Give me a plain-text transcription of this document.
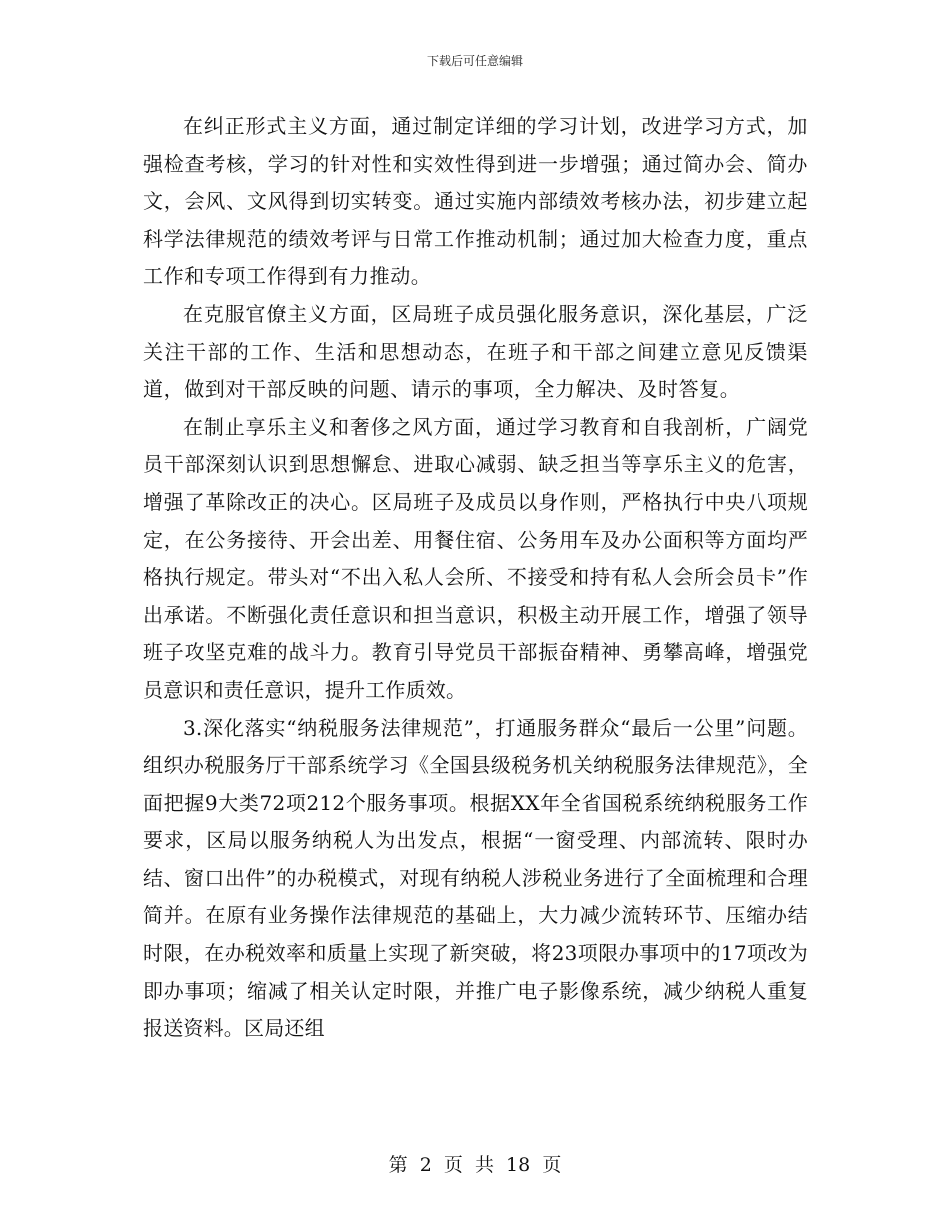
下载后可任意编辑

在纠正形式主义方面，通过制定详细的学习计划，改进学习方式，加强检查考核，学习的针对性和实效性得到进一步增强；通过简办会、简办文，会风、文风得到切实转变。通过实施内部绩效考核办法，初步建立起科学法律规范的绩效考评与日常工作推动机制；通过加大检查力度，重点工作和专项工作得到有力推动。

在克服官僚主义方面，区局班子成员强化服务意识，深化基层，广泛关注干部的工作、生活和思想动态，在班子和干部之间建立意见反馈渠道，做到对干部反映的问题、请示的事项，全力解决、及时答复。

在制止享乐主义和奢侈之风方面，通过学习教育和自我剖析，广阔党员干部深刻认识到思想懈怠、进取心减弱、缺乏担当等享乐主义的危害，增强了革除改正的决心。区局班子及成员以身作则，严格执行中央八项规定，在公务接待、开会出差、用餐住宿、公务用车及办公面积等方面均严格执行规定。带头对“不出入私人会所、不接受和持有私人会所会员卡”作出承诺。不断强化责任意识和担当意识，积极主动开展工作，增强了领导班子攻坚克难的战斗力。教育引导党员干部振奋精神、勇攀高峰，增强党员意识和责任意识，提升工作质效。

3.深化落实“纳税服务法律规范”，打通服务群众“最后一公里”问题。组织办税服务厅干部系统学习《全国县级税务机关纳税服务法律规范》，全面把握9大类72项212个服务事项。根据XX年全省国税系统纳税服务工作要求，区局以服务纳税人为出发点，根据“一窗受理、内部流转、限时办结、窗口出件”的办税模式，对现有纳税人涉税业务进行了全面梳理和合理简并。在原有业务操作法律规范的基础上，大力减少流转环节、压缩办结时限，在办税效率和质量上实现了新突破，将23项限办事项中的17项改为即办事项；缩减了相关认定时限，并推广电子影像系统，减少纳税人重复报送资料。区局还组

第  2  页  共  18  页
